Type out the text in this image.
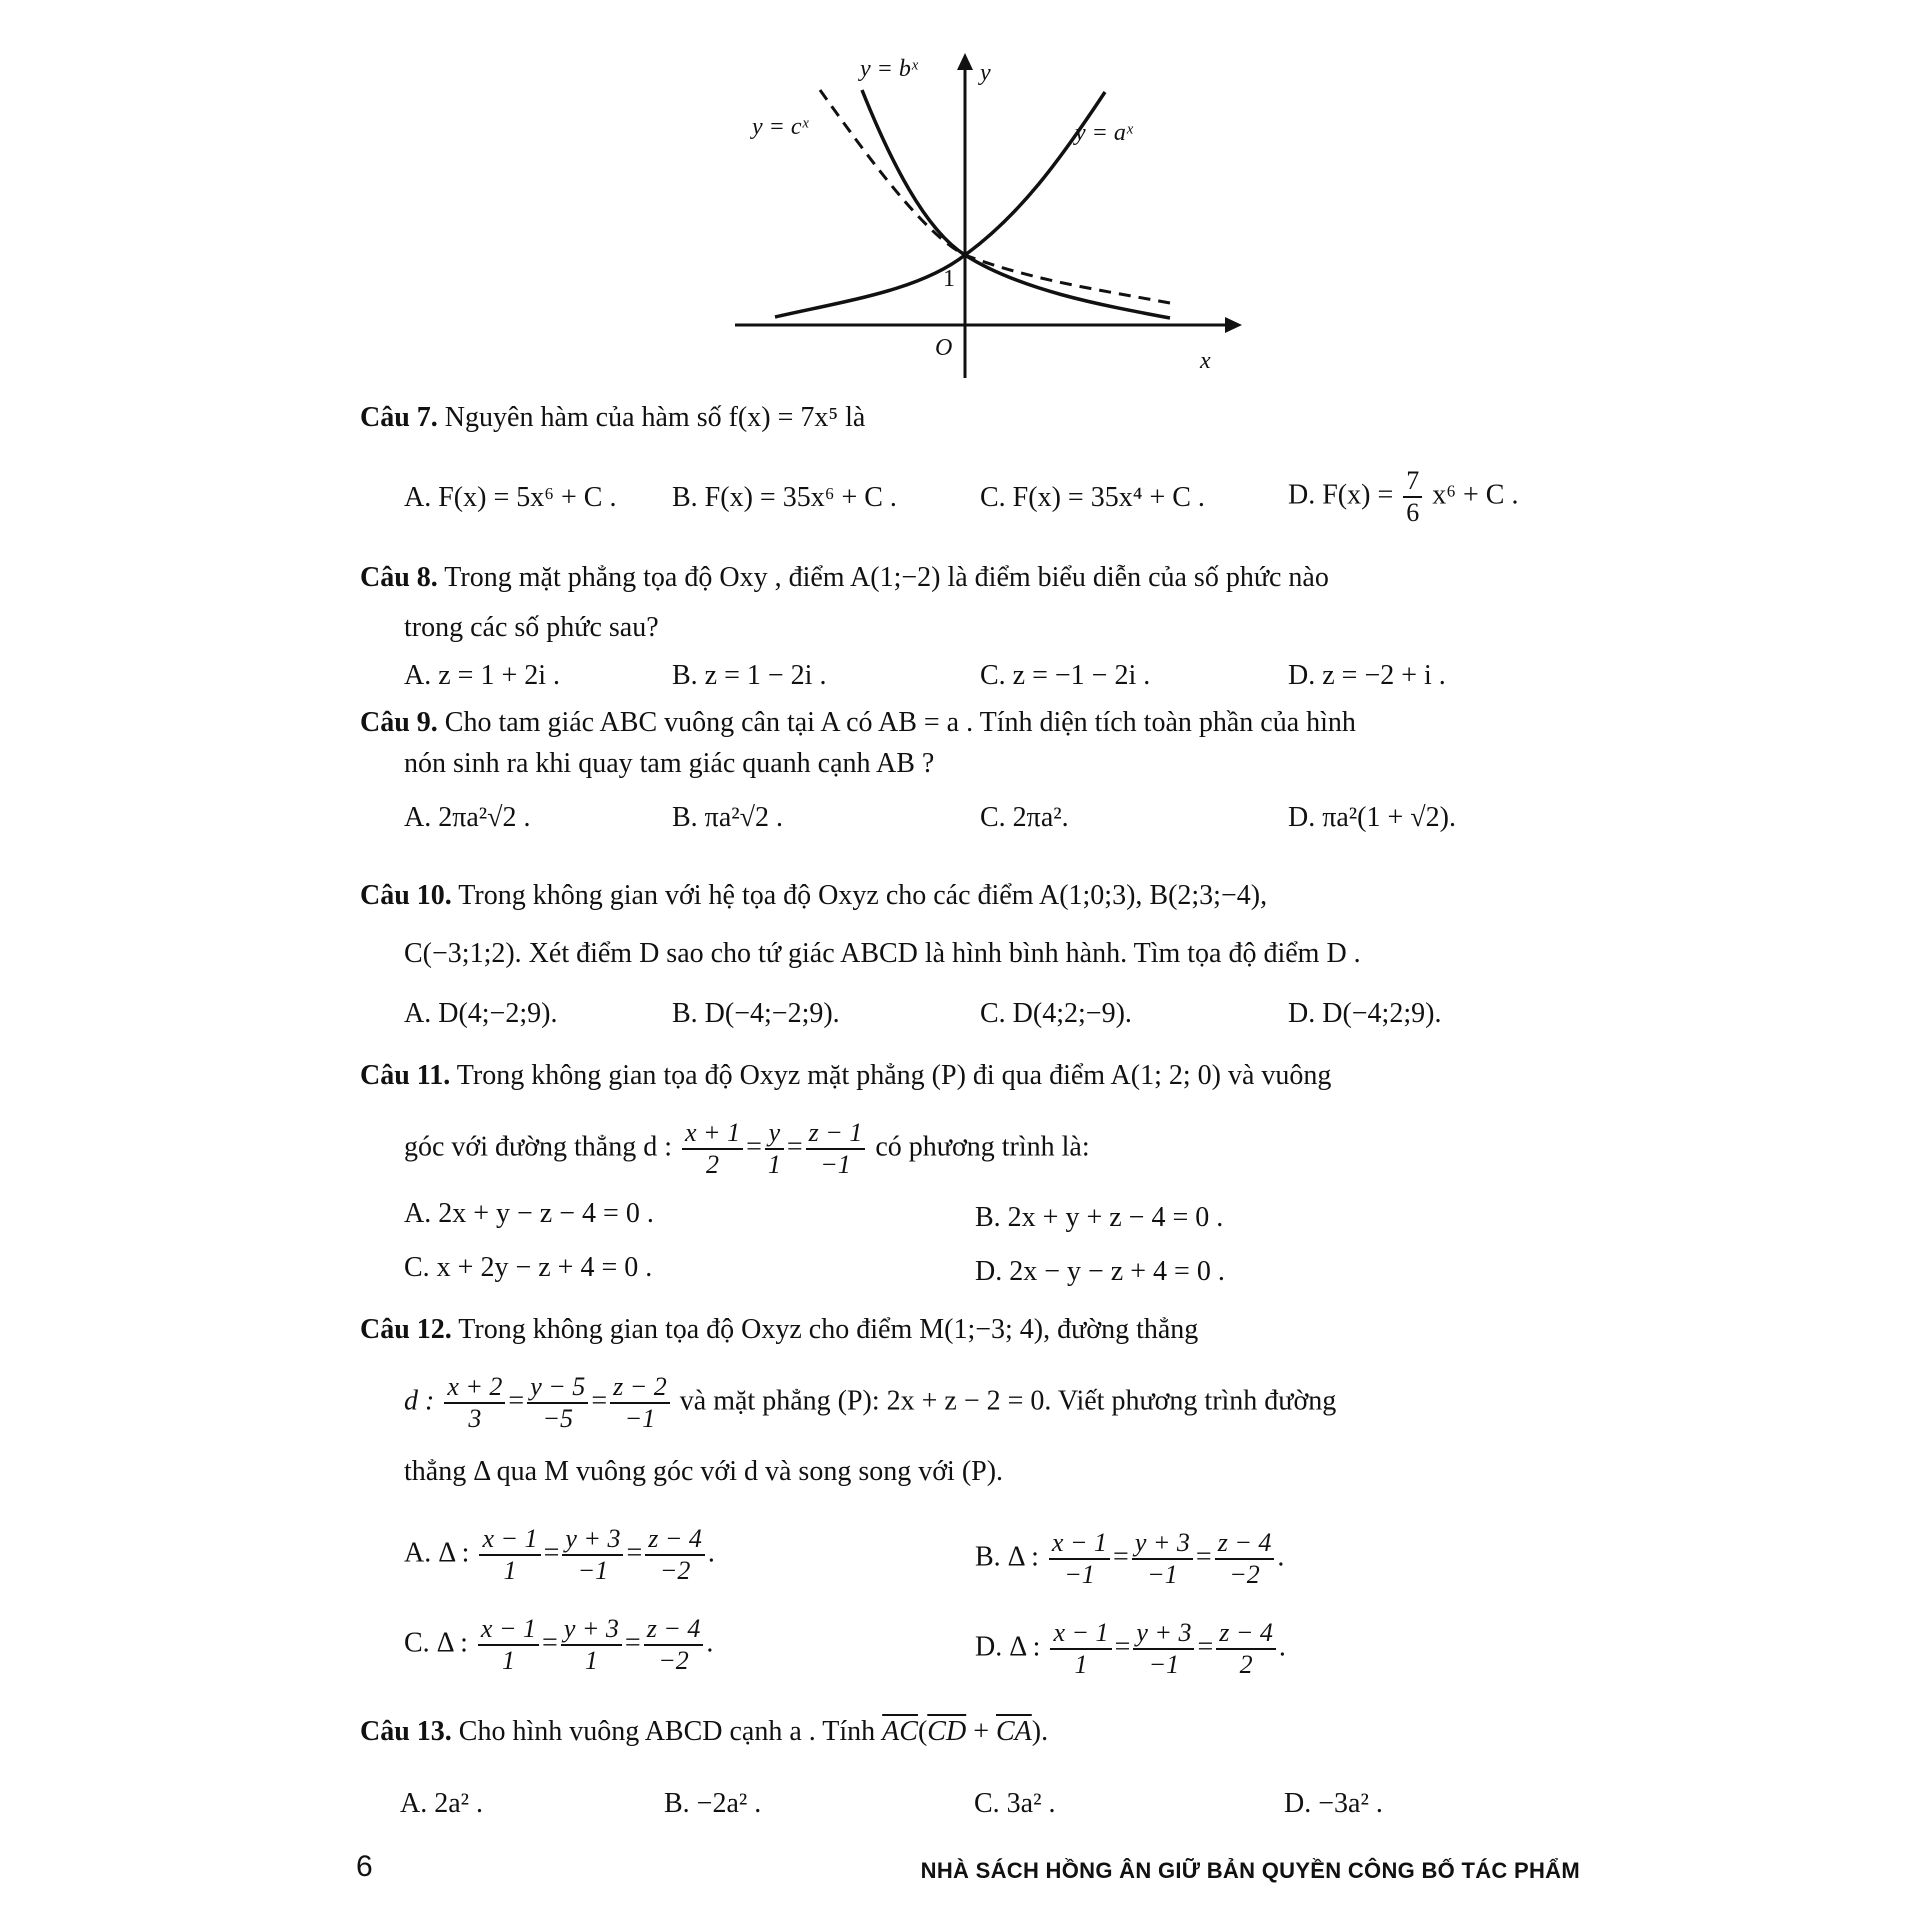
y = bˣ
y = cˣ	y = aˣ
y
x
O
1
Câu 7. Nguyên hàm của hàm số f(x) = 7x⁵ là
A. F(x) = 5x⁶ + C . B. F(x) = 35x⁶ + C .	C. F(x) = 35x⁴ + C .	D. $F(x) = \frac{7}{6} x^6 + C$ .
Câu 8. Trong mặt phẳng tọa độ Oxy , điểm A(1;−2) là điểm biểu diễn của số phức nào
trong các số phức sau?
A. z = 1 + 2i .	B. z = 1 − 2i .	C. z = −1 − 2i .	D. z = −2 + i .
Câu 9. Cho tam giác ABC vuông cân tại A có AB = a . Tính diện tích toàn phần của hình
nón sinh ra khi quay tam giác quanh cạnh AB ?
A. 2πa²√2 .	B. πa²√2 .	C. 2πa².	D. πa²(1 + √2).
Câu 10. Trong không gian với hệ tọa độ Oxyz cho các điểm A(1;0;3), B(2;3;−4),
C(−3;1;2). Xét điểm D sao cho tứ giác ABCD là hình bình hành. Tìm tọa độ điểm D .
A. D(4;−2;9).	B. D(−4;−2;9).	C. D(4;2;−9).	D. D(−4;2;9).
Câu 11. Trong không gian tọa độ Oxyz mặt phẳng (P) đi qua điểm A(1; 2; 0) và vuông
góc với đường thẳng d : $\frac{x + 1}{2} = \frac{y}{1} = \frac{z - 1}{-1}$ có phương trình là:
A. 2x + y − z − 4 = 0 .	B. 2x + y + z − 4 = 0 .
C. x + 2y − z + 4 = 0 .	D. 2x − y − z + 4 = 0 .
Câu 12. Trong không gian tọa độ Oxyz cho điểm M(1;−3; 4), đường thẳng
d : $\frac{x + 2}{3} = \frac{y - 5}{-5} = \frac{z - 2}{-1}$ và mặt phẳng (P): 2x + z − 2 = 0. Viết phương trình đường
thẳng Δ qua M vuông góc với d và song song với (P).
A. Δ : $\frac{x - 1}{1} = \frac{y + 3}{-1} = \frac{z - 4}{-2}$ .	B. Δ : $\frac{x - 1}{-1} = \frac{y + 3}{-1} = \frac{z - 4}{-2}$ .
C. Δ : $\frac{x - 1}{1} = \frac{y + 3}{1} = \frac{z - 4}{-2}$ .	D. Δ : $\frac{x - 1}{1} = \frac{y + 3}{-1} = \frac{z - 4}{2}$ .
Câu 13. Cho hình vuông ABCD cạnh a . Tính $\overline{AC}(\overline{CD} + \overline{CA})$.
A. 2a² .	B. −2a² .	C. 3a² .	D. −3a² .
6	NHÀ SÁCH HỒNG ÂN GIỮ BẢN QUYỀN CÔNG BỐ TÁC PHẨM
